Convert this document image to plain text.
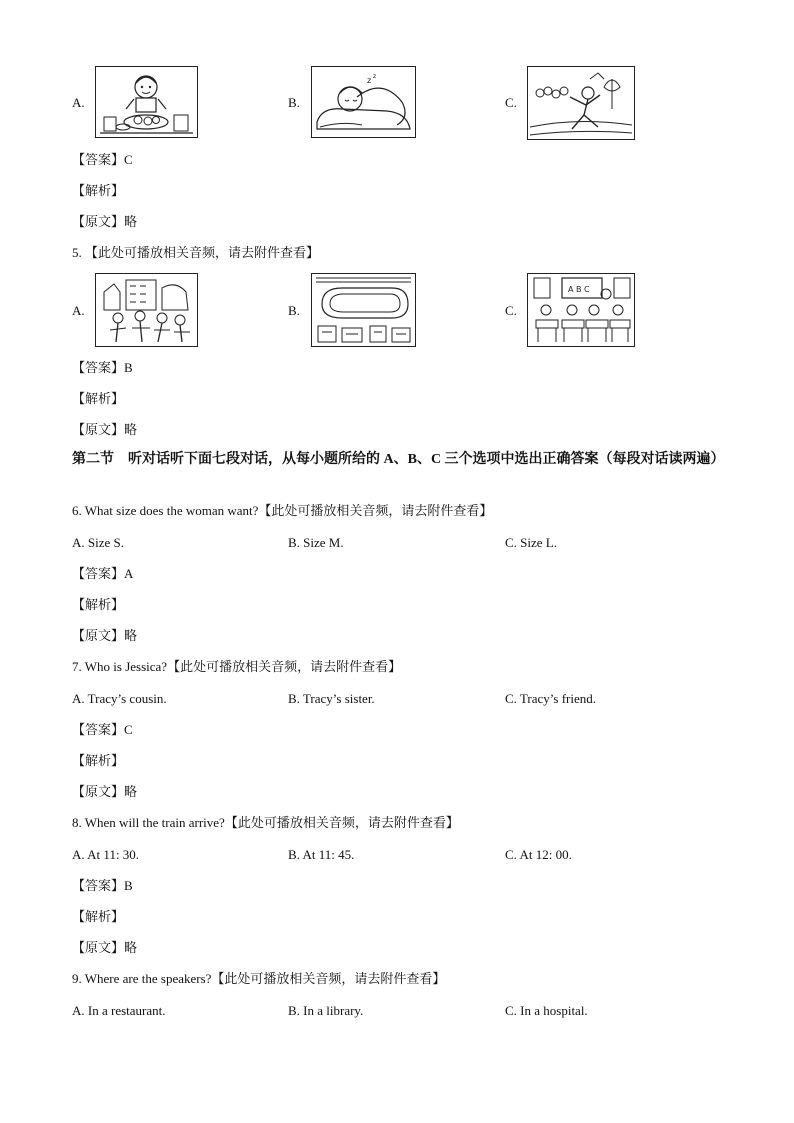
A.	B.
z z
C.
【答案】C
【解析】
【原文】略
5. 【此处可播放相关音频，请去附件查看】
A.	B.	C.
A B C
【答案】B
【解析】
【原文】略
第二节　听对话听下面七段对话，从每小题所给的 A、B、C 三个选项中选出正确答案（每段对话读两遍）
6. What size does the woman want?【此处可播放相关音频，请去附件查看】
A. Size S.	B. Size M.	C. Size L.
【答案】A
【解析】
【原文】略
7. Who is Jessica?【此处可播放相关音频，请去附件查看】
A. Tracy’s cousin.	B. Tracy’s sister.	C. Tracy’s friend.
【答案】C
【解析】
【原文】略
8. When will the train arrive?【此处可播放相关音频，请去附件查看】
A. At 11: 30.	B. At 11: 45.	C. At 12: 00.
【答案】B
【解析】
【原文】略
9. Where are the speakers?【此处可播放相关音频，请去附件查看】
A. In a restaurant.	B. In a library.	C. In a hospital.
